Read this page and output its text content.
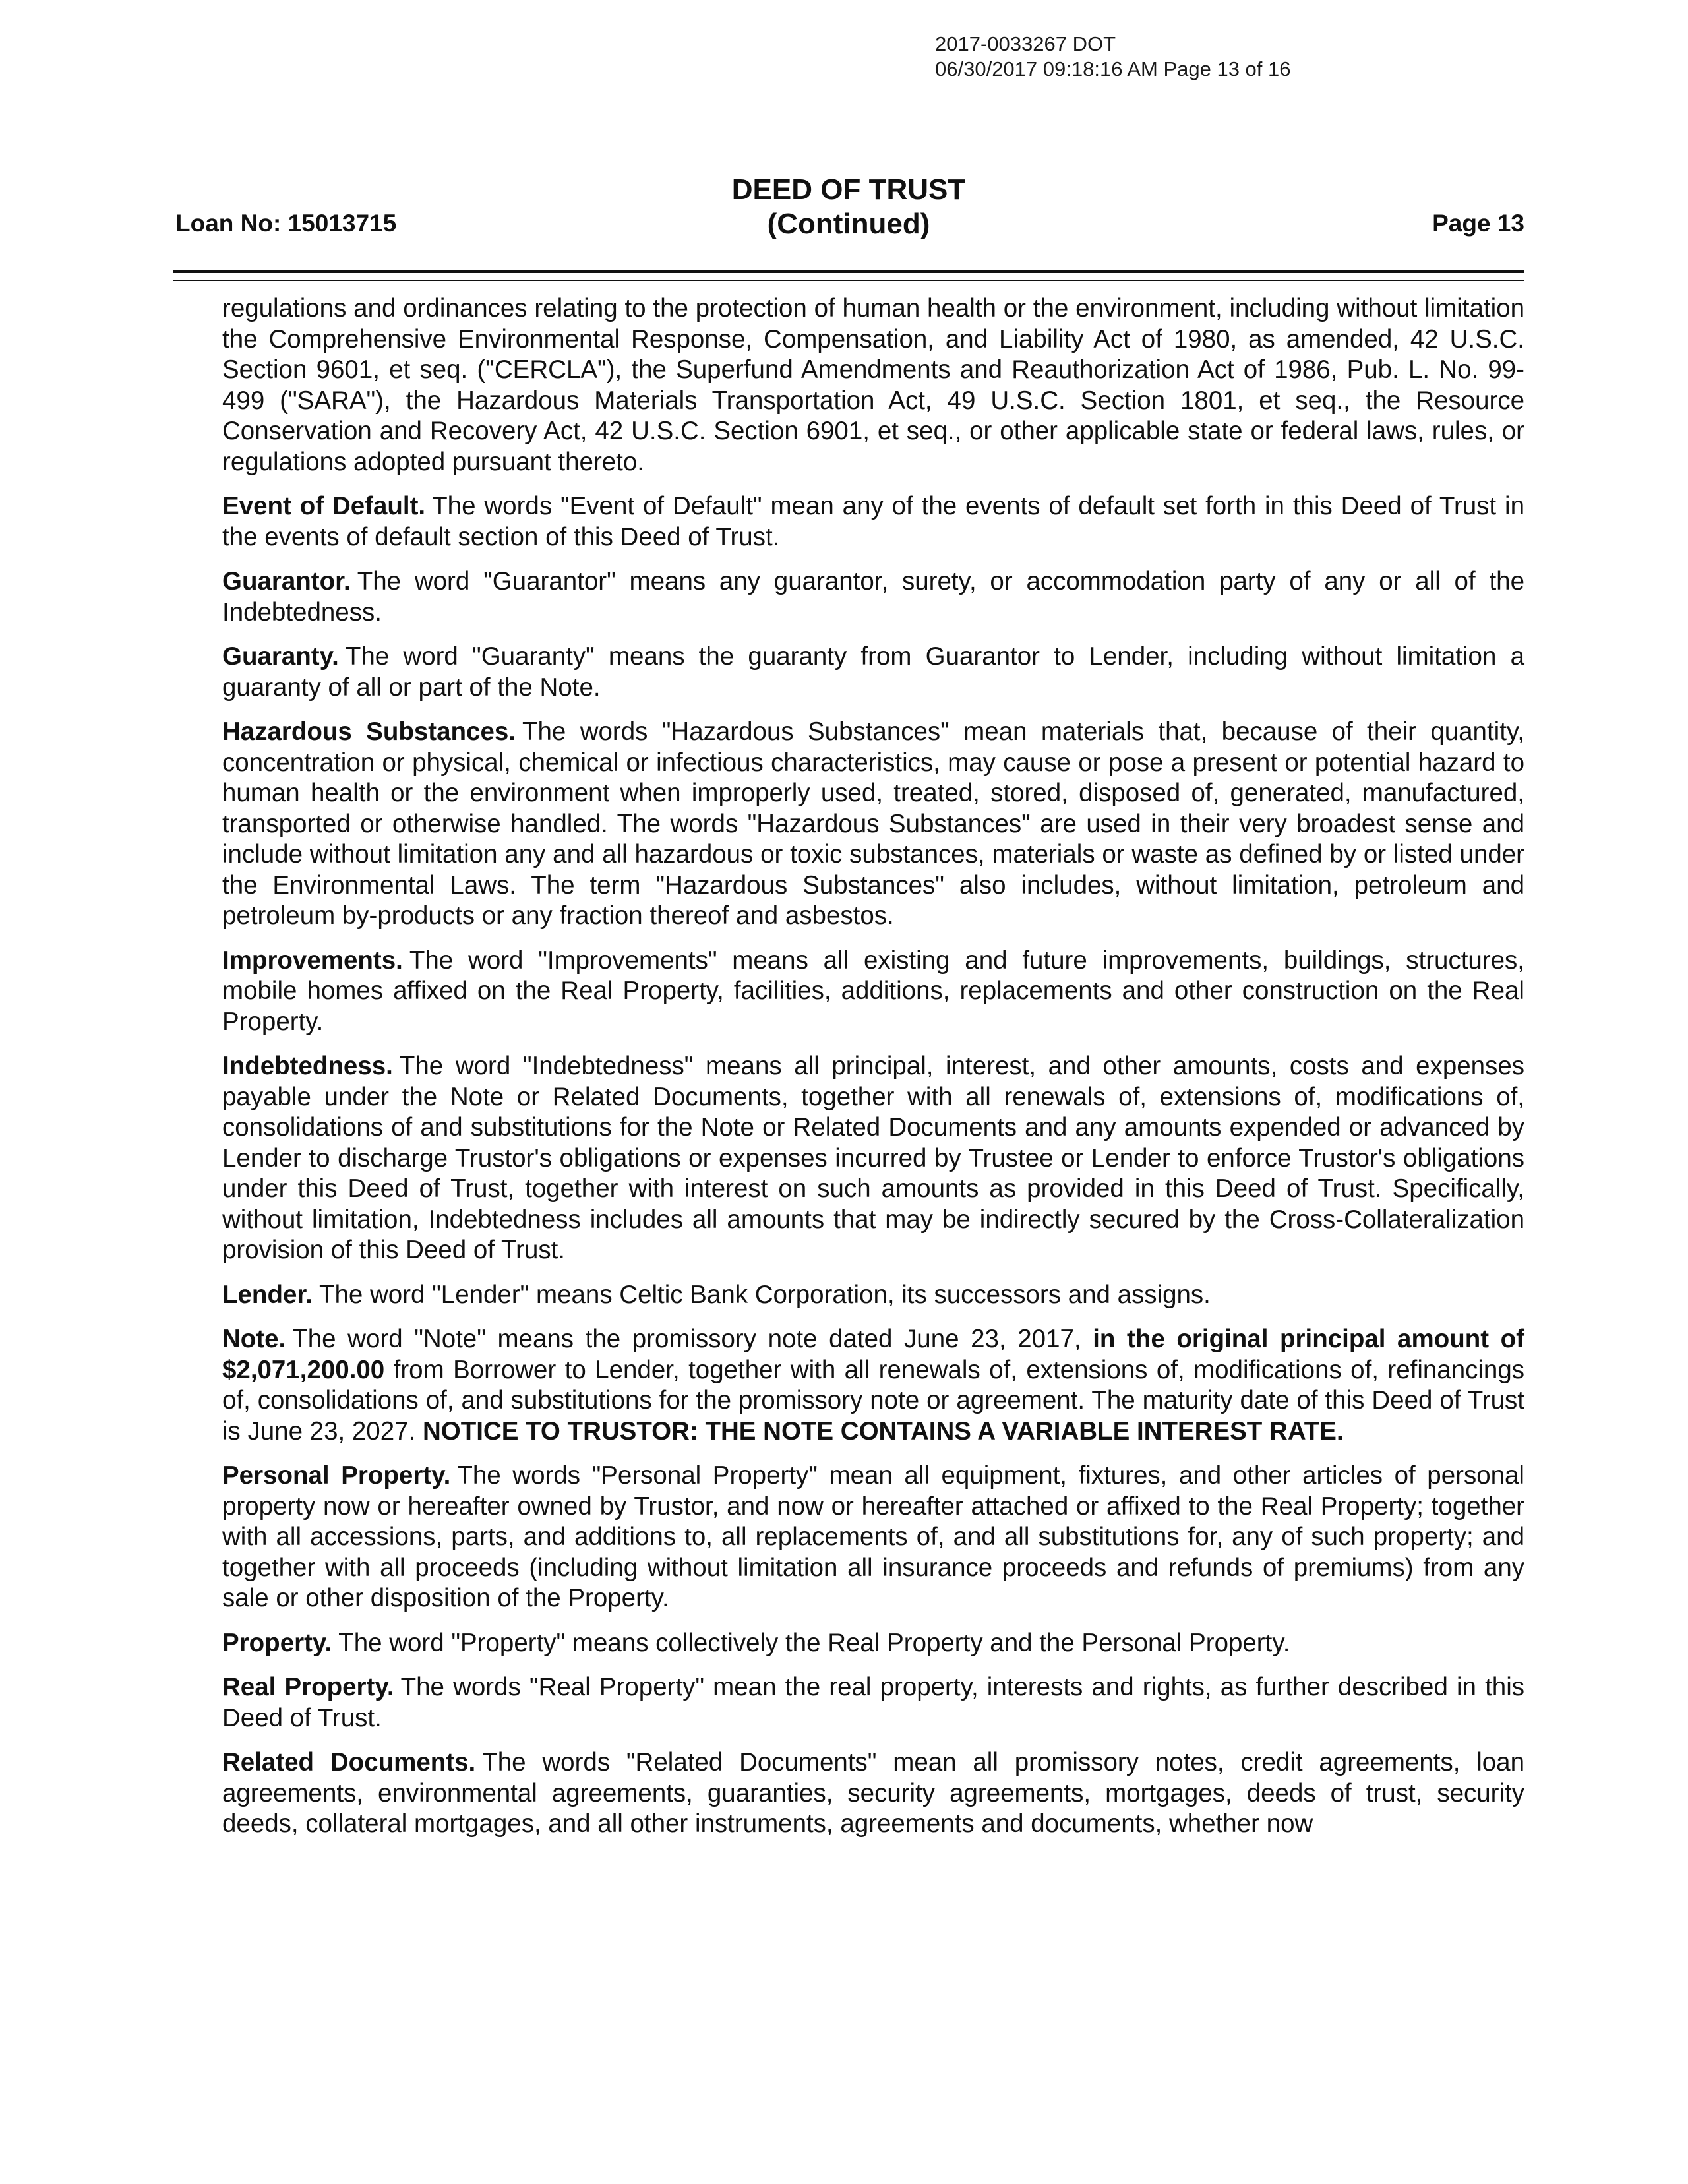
2017-0033267 DOT
06/30/2017 09:18:16 AM Page 13 of 16
DEED OF TRUST
(Continued)
Loan No: 15013715	Page 13

regulations and ordinances relating to the protection of human health or the environment, including without limitation the Comprehensive Environmental Response, Compensation, and Liability Act of 1980, as amended, 42 U.S.C. Section 9601, et seq. ("CERCLA"), the Superfund Amendments and Reauthorization Act of 1986, Pub. L. No. 99-499 ("SARA"), the Hazardous Materials Transportation Act, 49 U.S.C. Section 1801, et seq., the Resource Conservation and Recovery Act, 42 U.S.C. Section 6901, et seq., or other applicable state or federal laws, rules, or regulations adopted pursuant thereto.

Event of Default. The words "Event of Default" mean any of the events of default set forth in this Deed of Trust in the events of default section of this Deed of Trust.

Guarantor. The word "Guarantor" means any guarantor, surety, or accommodation party of any or all of the Indebtedness.

Guaranty. The word "Guaranty" means the guaranty from Guarantor to Lender, including without limitation a guaranty of all or part of the Note.

Hazardous Substances. The words "Hazardous Substances" mean materials that, because of their quantity, concentration or physical, chemical or infectious characteristics, may cause or pose a present or potential hazard to human health or the environment when improperly used, treated, stored, disposed of, generated, manufactured, transported or otherwise handled. The words "Hazardous Substances" are used in their very broadest sense and include without limitation any and all hazardous or toxic substances, materials or waste as defined by or listed under the Environmental Laws. The term "Hazardous Substances" also includes, without limitation, petroleum and petroleum by-products or any fraction thereof and asbestos.

Improvements. The word "Improvements" means all existing and future improvements, buildings, structures, mobile homes affixed on the Real Property, facilities, additions, replacements and other construction on the Real Property.

Indebtedness. The word "Indebtedness" means all principal, interest, and other amounts, costs and expenses payable under the Note or Related Documents, together with all renewals of, extensions of, modifications of, consolidations of and substitutions for the Note or Related Documents and any amounts expended or advanced by Lender to discharge Trustor's obligations or expenses incurred by Trustee or Lender to enforce Trustor's obligations under this Deed of Trust, together with interest on such amounts as provided in this Deed of Trust. Specifically, without limitation, Indebtedness includes all amounts that may be indirectly secured by the Cross-Collateralization provision of this Deed of Trust.

Lender. The word "Lender" means Celtic Bank Corporation, its successors and assigns.

Note. The word "Note" means the promissory note dated June 23, 2017, in the original principal amount of $2,071,200.00 from Borrower to Lender, together with all renewals of, extensions of, modifications of, refinancings of, consolidations of, and substitutions for the promissory note or agreement. The maturity date of this Deed of Trust is June 23, 2027. NOTICE TO TRUSTOR: THE NOTE CONTAINS A VARIABLE INTEREST RATE.

Personal Property. The words "Personal Property" mean all equipment, fixtures, and other articles of personal property now or hereafter owned by Trustor, and now or hereafter attached or affixed to the Real Property; together with all accessions, parts, and additions to, all replacements of, and all substitutions for, any of such property; and together with all proceeds (including without limitation all insurance proceeds and refunds of premiums) from any sale or other disposition of the Property.

Property. The word "Property" means collectively the Real Property and the Personal Property.

Real Property. The words "Real Property" mean the real property, interests and rights, as further described in this Deed of Trust.

Related Documents. The words "Related Documents" mean all promissory notes, credit agreements, loan agreements, environmental agreements, guaranties, security agreements, mortgages, deeds of trust, security deeds, collateral mortgages, and all other instruments, agreements and documents, whether now
